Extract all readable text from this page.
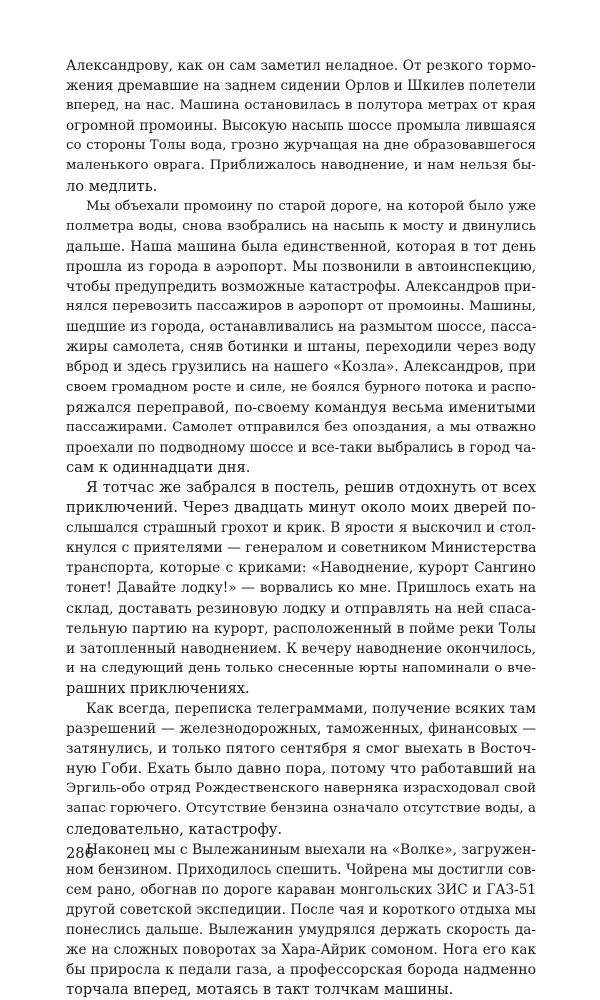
Александрову, как он сам заметил неладное. От резкого тормо-
жения дремавшие на заднем сидении Орлов и Шкилев полетели
вперед, на нас. Машина остановилась в полутора метрах от края
огромной промоины. Высокую насыпь шоссе промыла лившаяся
со стороны Толы вода, грозно журчащая на дне образовавшегося
маленького оврага. Приближалось наводнение, и нам нельзя бы-
ло медлить.
Мы объехали промоину по старой дороге, на которой было уже
полметра воды, снова взобрались на насыпь к мосту и двинулись
дальше. Наша машина была единственной, которая в тот день
прошла из города в аэропорт. Мы позвонили в автоинспекцию,
чтобы предупредить возможные катастрофы. Александров при-
нялся перевозить пассажиров в аэропорт от промоины. Машины,
шедшие из города, останавливались на размытом шоссе, пасса-
жиры самолета, сняв ботинки и штаны, переходили через воду
вброд и здесь грузились на нашего «Козла». Александров, при
своем громадном росте и силе, не боялся бурного потока и распо-
ряжался переправой, по-своему командуя весьма именитыми
пассажирами. Самолет отправился без опоздания, а мы отважно
проехали по подводному шоссе и все-таки выбрались в город ча-
сам к одиннадцати дня.
Я тотчас же забрался в постель, решив отдохнуть от всех
приключений. Через двадцать минут около моих дверей по-
слышался страшный грохот и крик. В ярости я выскочил и стол-
кнулся с приятелями — генералом и советником Министерства
транспорта, которые с криками: «Наводнение, курорт Сангино
тонет! Давайте лодку!» — ворвались ко мне. Пришлось ехать на
склад, доставать резиновую лодку и отправлять на ней спаса-
тельную партию на курорт, расположенный в пойме реки Толы
и затопленный наводнением. К вечеру наводнение окончилось,
и на следующий день только снесенные юрты напоминали о вче-
рашних приключениях.
Как всегда, переписка телеграммами, получение всяких там
разрешений — железнодорожных, таможенных, финансовых —
затянулись, и только пятого сентября я смог выехать в Восточ-
ную Гоби. Ехать было давно пора, потому что работавший на
Эргиль-обо отряд Рождественского наверняка израсходовал свой
запас горючего. Отсутствие бензина означало отсутствие воды, а
следовательно, катастрофу.
Наконец мы с Вылежаниным выехали на «Волке», загружен-
ном бензином. Приходилось спешить. Чойрена мы достигли сов-
сем рано, обогнав по дороге караван монгольских ЗИС и ГАЗ-51
другой советской экспедиции. После чая и короткого отдыха мы
понеслись дальше. Вылежанин умудрялся держать скорость да-
же на сложных поворотах за Хара-Айрик сомоном. Нога его как
бы приросла к педали газа, а профессорская борода надменно
торчала вперед, мотаясь в такт толчкам машины.
286
